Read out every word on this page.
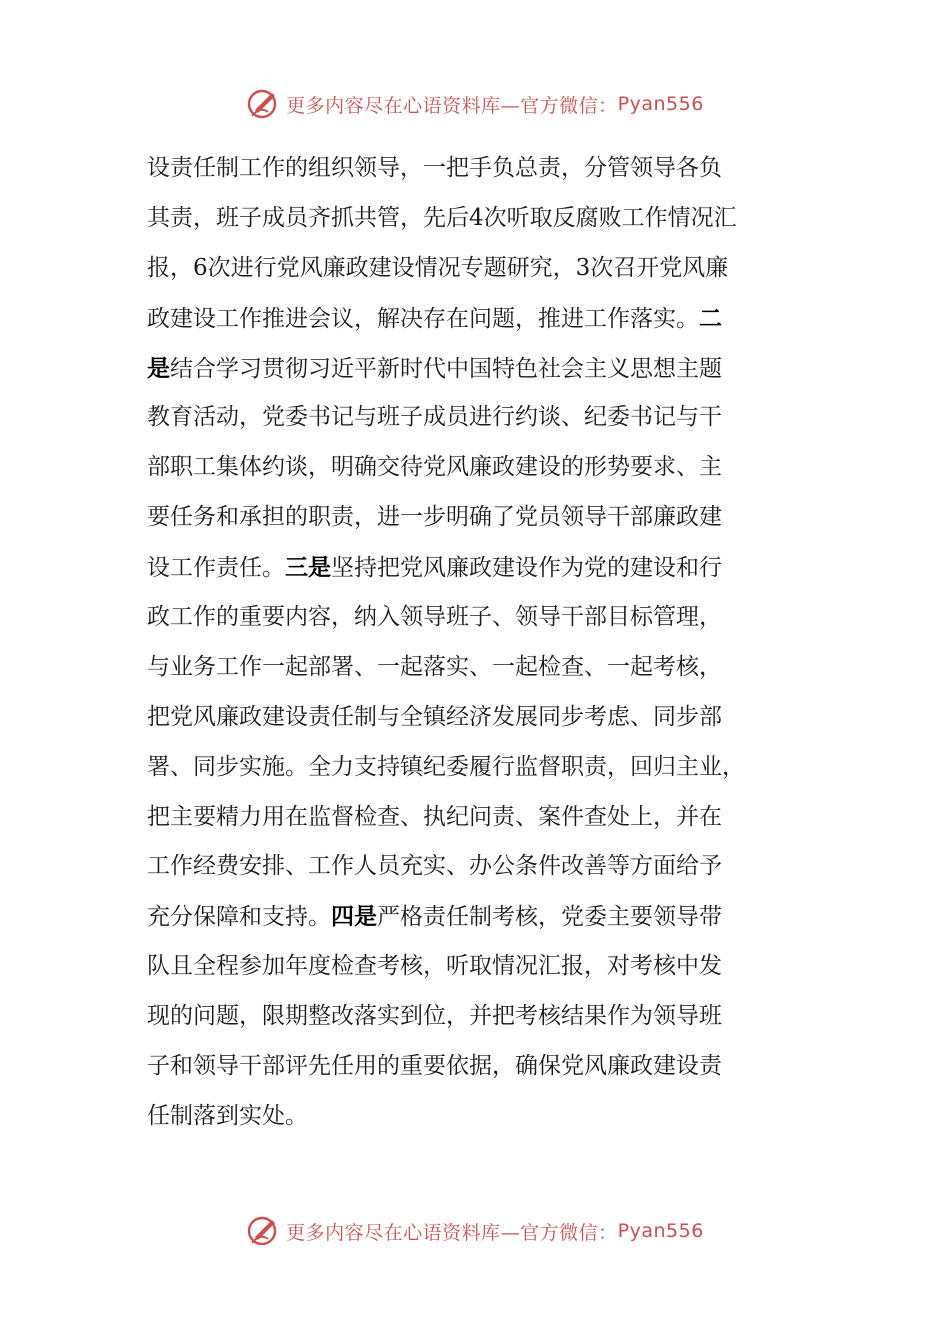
更多内容尽在心语资料库—官方微信： Pyan556
设责任制工作的组织领导，一把手负总责，分管领导各负
其责，班子成员齐抓共管，先后4次听取反腐败工作情况汇
报，6次进行党风廉政建设情况专题研究，3次召开党风廉
政建设工作推进会议，解决存在问题，推进工作落实。二
是结合学习贯彻习近平新时代中国特色社会主义思想主题
教育活动，党委书记与班子成员进行约谈、纪委书记与干
部职工集体约谈，明确交待党风廉政建设的形势要求、主
要任务和承担的职责，进一步明确了党员领导干部廉政建
设工作责任。三是坚持把党风廉政建设作为党的建设和行
政工作的重要内容，纳入领导班子、领导干部目标管理，
与业务工作一起部署、一起落实、一起检查、一起考核，
把党风廉政建设责任制与全镇经济发展同步考虑、同步部
署、同步实施。全力支持镇纪委履行监督职责，回归主业，
把主要精力用在监督检查、执纪问责、案件查处上，并在
工作经费安排、工作人员充实、办公条件改善等方面给予
充分保障和支持。四是严格责任制考核，党委主要领导带
队且全程参加年度检查考核，听取情况汇报，对考核中发
现的问题，限期整改落实到位，并把考核结果作为领导班
子和领导干部评先任用的重要依据，确保党风廉政建设责
任制落到实处。
更多内容尽在心语资料库—官方微信： Pyan556
